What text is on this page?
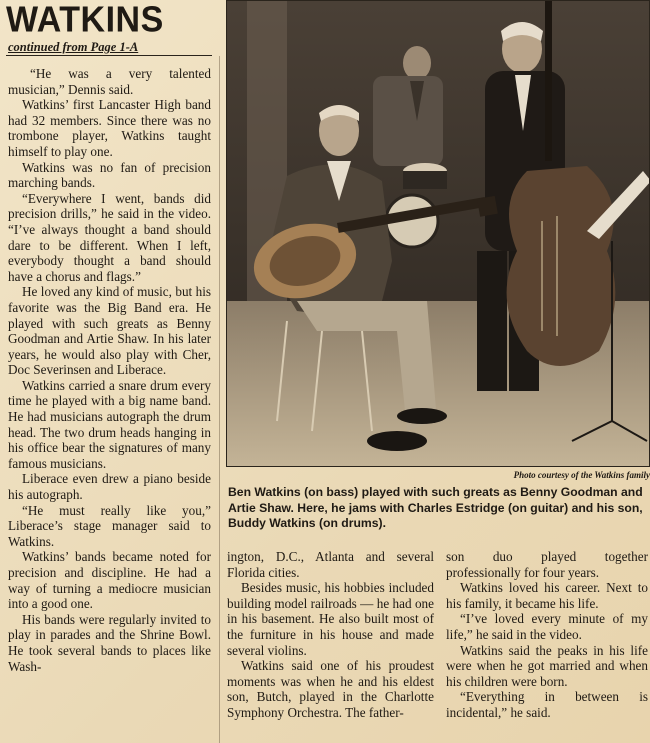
WATKINS
continued from Page 1-A

“He was a very talented musician,” Dennis said.

Watkins’ first Lancaster High band had 32 members. Since there was no trombone player, Watkins taught himself to play one.

Watkins was no fan of precision marching bands.

“Everywhere I went, bands did precision drills,” he said in the video. “I’ve always thought a band should dare to be different. When I left, everybody thought a band should have a chorus and flags.”

He loved any kind of music, but his favorite was the Big Band era. He played with such greats as Benny Goodman and Artie Shaw. In his later years, he would also play with Cher, Doc Severinsen and Liberace.

Watkins carried a snare drum every time he played with a big name band. He had musicians autograph the drum head. The two drum heads hanging in his office bear the signatures of many famous musicians.

Liberace even drew a piano beside his autograph.

“He must really like you,” Liberace’s stage manager said to Watkins.

Watkins’ bands became noted for precision and discipline. He had a way of turning a mediocre musician into a good one.

His bands were regularly invited to play in parades and the Shrine Bowl. He took several bands to places like Wash-

Photo courtesy of the Watkins family
Ben Watkins (on bass) played with such greats as Benny Goodman and Artie Shaw. Here, he jams with Charles Estridge (on guitar) and his son, Buddy Watkins (on drums).

ington, D.C., Atlanta and several Florida cities.

Besides music, his hobbies included building model railroads — he had one in his basement. He also built most of the furniture in his house and made several violins.

Watkins said one of his proudest moments was when he and his eldest son, Butch, played in the Charlotte Symphony Orchestra. The father-

son duo played together professionally for four years.

Watkins loved his career. Next to his family, it became his life.

“I’ve loved every minute of my life,” he said in the video.

Watkins said the peaks in his life were when he got married and when his children were born.

“Everything in between is incidental,” he said.
